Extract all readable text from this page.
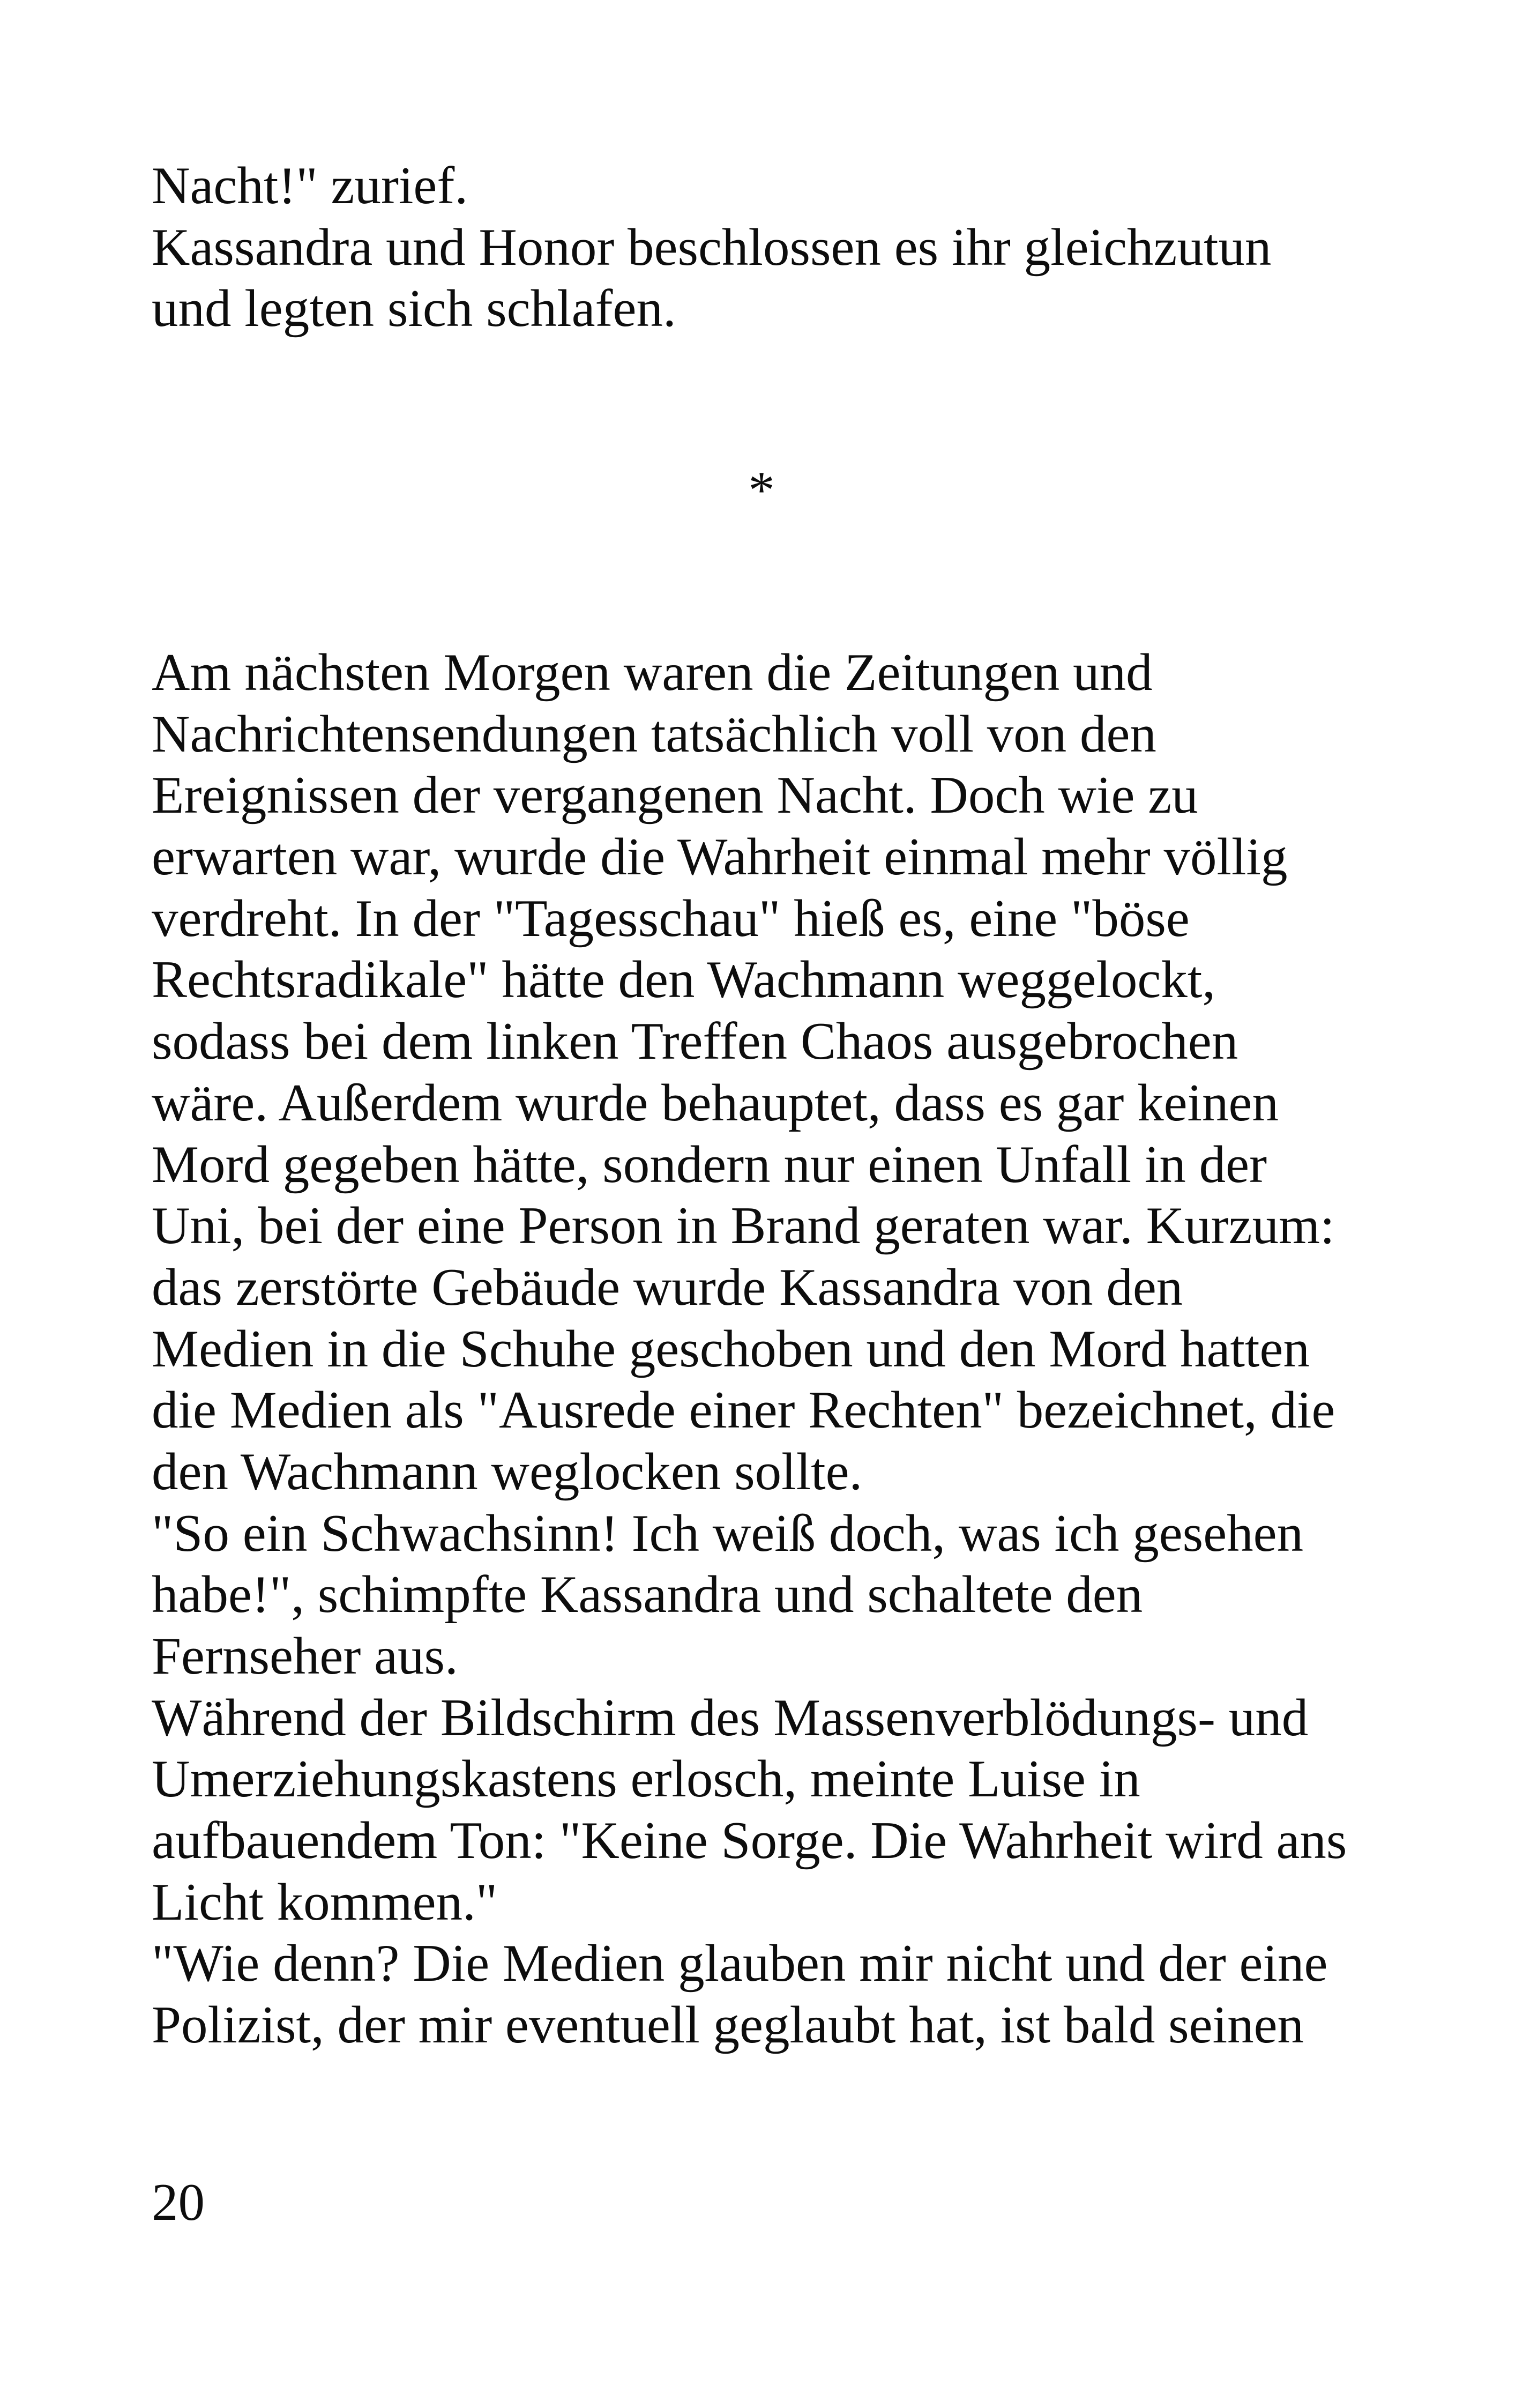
Nacht!" zurief.
Kassandra und Honor beschlossen es ihr gleichzutun
und legten sich schlafen.
*
Am nächsten Morgen waren die Zeitungen und
Nachrichtensendungen tatsächlich voll von den
Ereignissen der vergangenen Nacht. Doch wie zu
erwarten war, wurde die Wahrheit einmal mehr völlig
verdreht. In der "Tagesschau" hieß es, eine "böse
Rechtsradikale" hätte den Wachmann weggelockt,
sodass bei dem linken Treffen Chaos ausgebrochen
wäre. Außerdem wurde behauptet, dass es gar keinen
Mord gegeben hätte, sondern nur einen Unfall in der
Uni, bei der eine Person in Brand geraten war. Kurzum:
das zerstörte Gebäude wurde Kassandra von den
Medien in die Schuhe geschoben und den Mord hatten
die Medien als "Ausrede einer Rechten" bezeichnet, die
den Wachmann weglocken sollte.
"So ein Schwachsinn! Ich weiß doch, was ich gesehen
habe!", schimpfte Kassandra und schaltete den
Fernseher aus.
Während der Bildschirm des Massenverblödungs- und
Umerziehungskastens erlosch, meinte Luise in
aufbauendem Ton: "Keine Sorge. Die Wahrheit wird ans
Licht kommen."
"Wie denn? Die Medien glauben mir nicht und der eine
Polizist, der mir eventuell geglaubt hat, ist bald seinen
20
